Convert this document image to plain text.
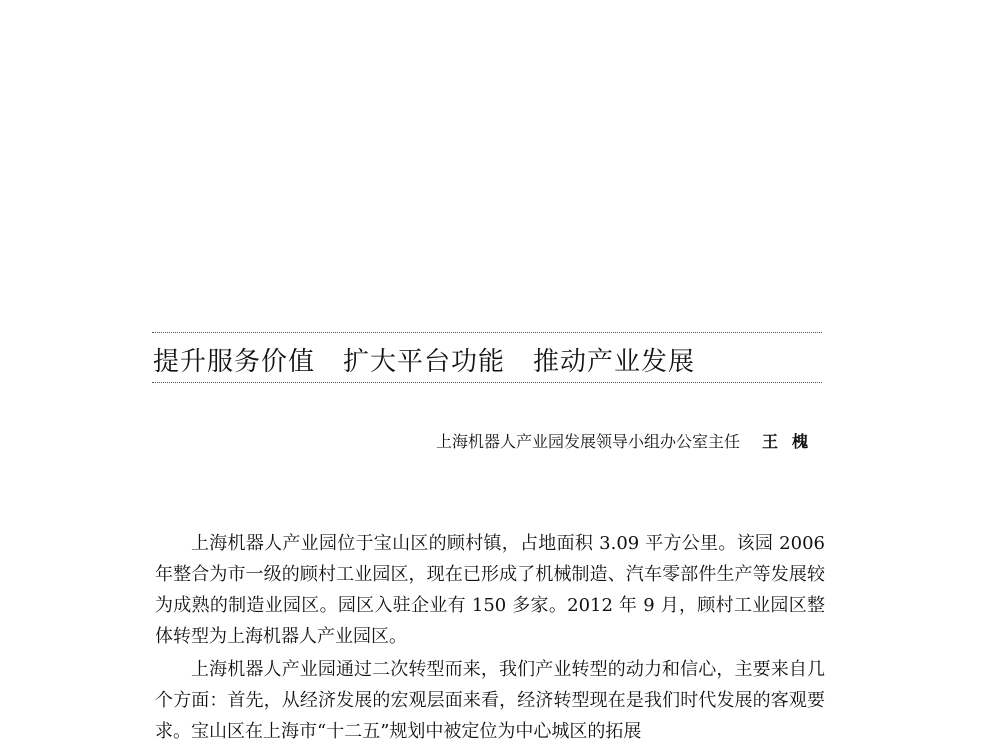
提升服务价值 扩大平台功能 推动产业发展
上海机器人产业园发展领导小组办公室主任 王槐

上海机器人产业园位于宝山区的顾村镇，占地面积 3.09 平方公里。该园 2006 年整合为市一级的顾村工业园区，现在已形成了机械制造、汽车零部件生产等发展较为成熟的制造业园区。园区入驻企业有 150 多家。2012 年 9 月，顾村工业园区整体转型为上海机器人产业园区。

上海机器人产业园通过二次转型而来，我们产业转型的动力和信心，主要来自几个方面：首先，从经济发展的宏观层面来看，经济转型现在是我们时代发展的客观要求。宝山区在上海市“十二五”规划中被定位为中心城区的拓展
